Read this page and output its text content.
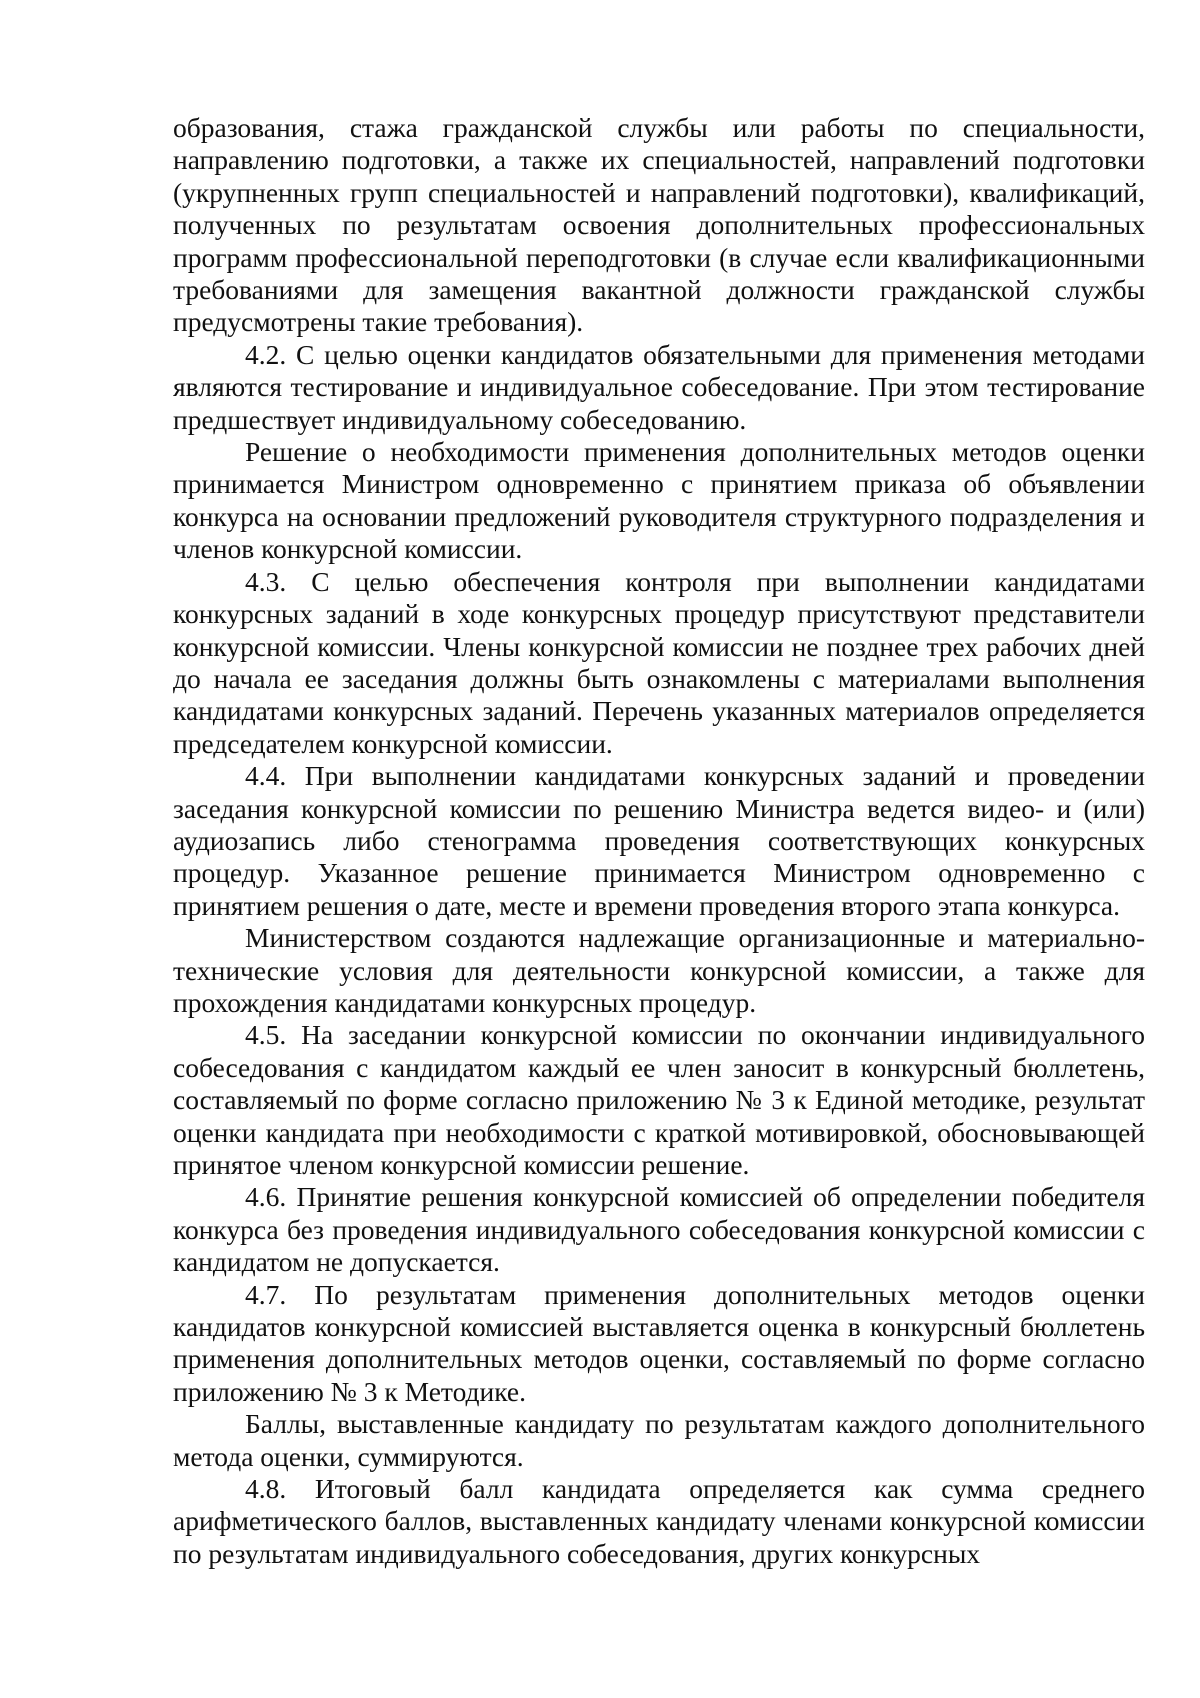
образования, стажа гражданской службы или работы по специальности, направлению подготовки, а также их специальностей, направлений подготовки (укрупненных групп специальностей и направлений подготовки), квалификаций, полученных по результатам освоения дополнительных профессиональных программ профессиональной переподготовки (в случае если квалификационными требованиями для замещения вакантной должности гражданской службы предусмотрены такие требования).

4.2. С целью оценки кандидатов обязательными для применения методами являются тестирование и индивидуальное собеседование. При этом тестирование предшествует индивидуальному собеседованию.

Решение о необходимости применения дополнительных методов оценки принимается Министром одновременно с принятием приказа об объявлении конкурса на основании предложений руководителя структурного подразделения и членов конкурсной комиссии.

4.3. С целью обеспечения контроля при выполнении кандидатами конкурсных заданий в ходе конкурсных процедур присутствуют представители конкурсной комиссии. Члены конкурсной комиссии не позднее трех рабочих дней до начала ее заседания должны быть ознакомлены с материалами выполнения кандидатами конкурсных заданий. Перечень указанных материалов определяется председателем конкурсной комиссии.

4.4. При выполнении кандидатами конкурсных заданий и проведении заседания конкурсной комиссии по решению Министра ведется видео- и (или) аудиозапись либо стенограмма проведения соответствующих конкурсных процедур. Указанное решение принимается Министром одновременно с принятием решения о дате, месте и времени проведения второго этапа конкурса.

Министерством создаются надлежащие организационные и материально-технические условия для деятельности конкурсной комиссии, а также для прохождения кандидатами конкурсных процедур.

4.5. На заседании конкурсной комиссии по окончании индивидуального собеседования с кандидатом каждый ее член заносит в конкурсный бюллетень, составляемый по форме согласно приложению № 3 к Единой методике, результат оценки кандидата при необходимости с краткой мотивировкой, обосновывающей принятое членом конкурсной комиссии решение.

4.6. Принятие решения конкурсной комиссией об определении победителя конкурса без проведения индивидуального собеседования конкурсной комиссии с кандидатом не допускается.

4.7. По результатам применения дополнительных методов оценки кандидатов конкурсной комиссией выставляется оценка в конкурсный бюллетень применения дополнительных методов оценки, составляемый по форме согласно приложению № 3 к Методике.

Баллы, выставленные кандидату по результатам каждого дополнительного метода оценки, суммируются.

4.8. Итоговый балл кандидата определяется как сумма среднего арифметического баллов, выставленных кандидату членами конкурсной комиссии по результатам индивидуального собеседования, других конкурсных
